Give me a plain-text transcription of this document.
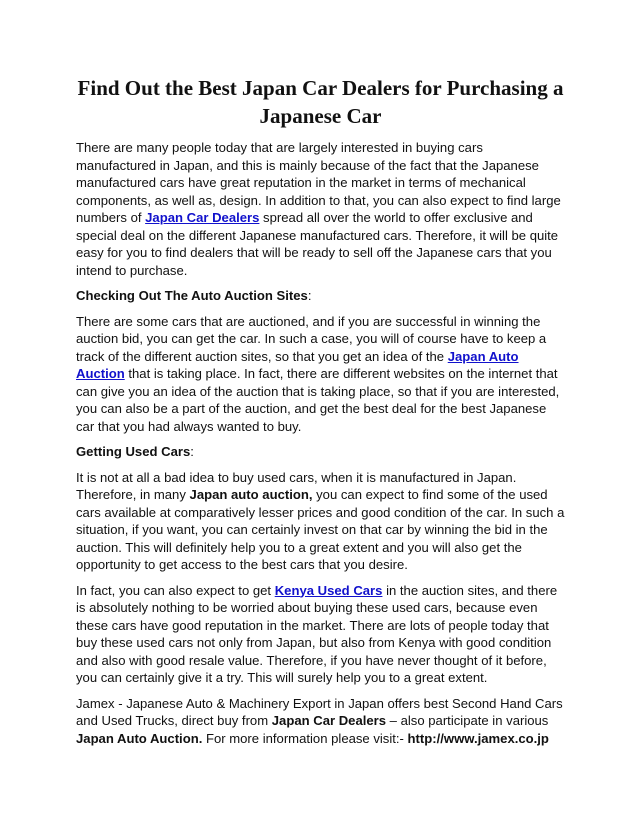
Find Out the Best Japan Car Dealers for Purchasing a Japanese Car

There are many people today that are largely interested in buying cars manufactured in Japan, and this is mainly because of the fact that the Japanese manufactured cars have great reputation in the market in terms of mechanical components, as well as, design. In addition to that, you can also expect to find large numbers of Japan Car Dealers spread all over the world to offer exclusive and special deal on the different Japanese manufactured cars. Therefore, it will be quite easy for you to find dealers that will be ready to sell off the Japanese cars that you intend to purchase.

Checking Out The Auto Auction Sites:

There are some cars that are auctioned, and if you are successful in winning the auction bid, you can get the car. In such a case, you will of course have to keep a track of the different auction sites, so that you get an idea of the Japan Auto Auction that is taking place. In fact, there are different websites on the internet that can give you an idea of the auction that is taking place, so that if you are interested, you can also be a part of the auction, and get the best deal for the best Japanese car that you had always wanted to buy.

Getting Used Cars:

It is not at all a bad idea to buy used cars, when it is manufactured in Japan. Therefore, in many Japan auto auction, you can expect to find some of the used cars available at comparatively lesser prices and good condition of the car. In such a situation, if you want, you can certainly invest on that car by winning the bid in the auction. This will definitely help you to a great extent and you will also get the opportunity to get access to the best cars that you desire.

In fact, you can also expect to get Kenya Used Cars in the auction sites, and there is absolutely nothing to be worried about buying these used cars, because even these cars have good reputation in the market. There are lots of people today that buy these used cars not only from Japan, but also from Kenya with good condition and also with good resale value. Therefore, if you have never thought of it before, you can certainly give it a try. This will surely help you to a great extent.

Jamex - Japanese Auto & Machinery Export in Japan offers best Second Hand Cars and Used Trucks, direct buy from Japan Car Dealers – also participate in various Japan Auto Auction. For more information please visit:- http://www.jamex.co.jp
